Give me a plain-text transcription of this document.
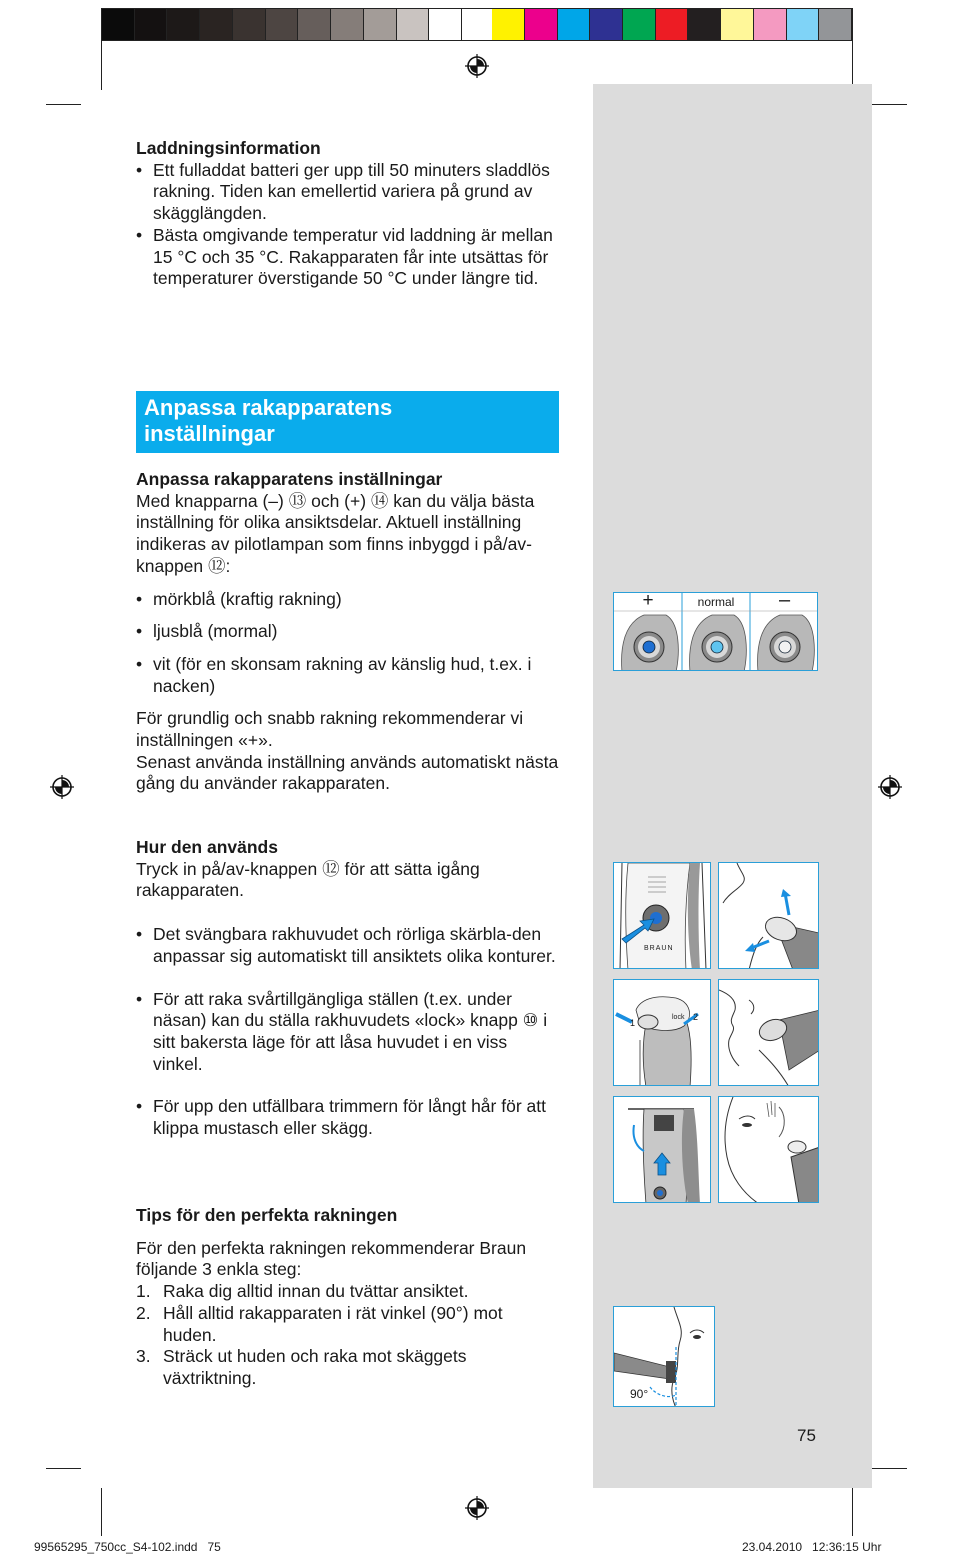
Laddningsinformation
• Ett fulladdat batteri ger upp till 50 minuters sladdlös rakning. Tiden kan emellertid variera på grund av skägglängden.
• Bästa omgivande temperatur vid laddning är mellan 15 °C och 35 °C. Rakapparaten får inte utsättas för temperaturer överstigande 50 °C under längre tid.
Anpassa rakapparatens
inställningar
Anpassa rakapparatens inställningar
Med knapparna (–) ⑬ och (+) ⑭ kan du välja bästa inställning för olika ansiktsdelar. Aktuell inställning indikeras av pilotlampan som finns inbyggd i på/av-knappen ⑫:
• mörkblå (kraftig rakning)
• ljusblå (mormal)
• vit (för en skonsam rakning av känslig hud, t.ex. i nacken)
För grundlig och snabb rakning rekommenderar vi inställningen «+».
Senast använda inställning används automatiskt nästa gång du använder rakapparaten.
Hur den används
Tryck in på/av-knappen ⑫ för att sätta igång rakapparaten.
• Det svängbara rakhuvudet och rörliga skärbla-den anpassar sig automatiskt till ansiktets olika konturer.
• För att raka svårtillgängliga ställen (t.ex. under näsan) kan du ställa rakhuvudets «lock» knapp ⑩ i sitt bakersta läge för att låsa huvudet i en viss vinkel.
• För upp den utfällbara trimmern för långt hår för att klippa mustasch eller skägg.
Tips för den perfekta rakningen
För den perfekta rakningen rekommenderar Braun följande 3 enkla steg:
1. Raka dig alltid innan du tvättar ansiktet.
2. Håll alltid rakapparaten i rät vinkel (90°) mot huden.
3. Sträck ut huden och raka mot skäggets växtriktning.
+	normal	–
BRAUN
1
2
lock
90°
75
99565295_750cc_S4-102.indd   75	23.04.2010   12:36:15 Uhr
